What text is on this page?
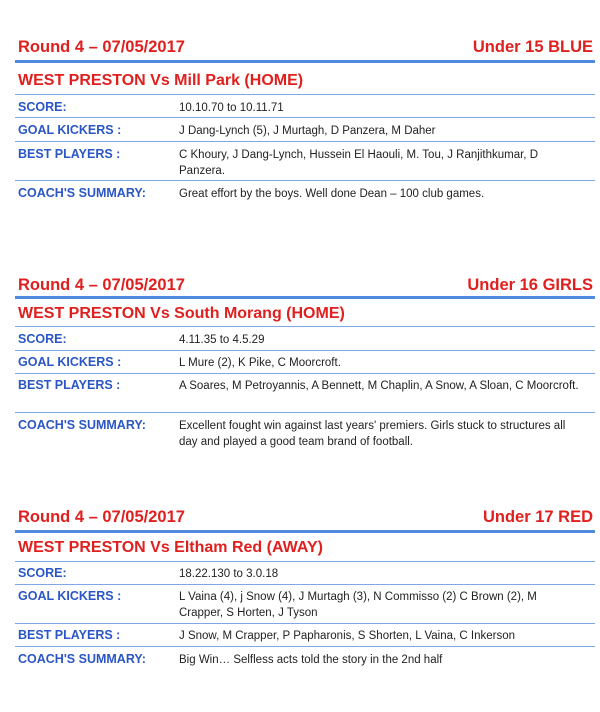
Round 4 – 07/05/2017	Under 15 BLUE
WEST PRESTON Vs Mill Park (HOME)
SCORE:	10.10.70 to 10.11.71
GOAL KICKERS :	J Dang-Lynch (5), J Murtagh, D Panzera, M Daher
BEST PLAYERS :	C Khoury, J Dang-Lynch, Hussein El Haouli, M. Tou, J Ranjithkumar, D Panzera.
COACH'S SUMMARY:	Great effort by the boys. Well done Dean – 100 club games.
Round 4 – 07/05/2017	Under 16 GIRLS
WEST PRESTON Vs South Morang (HOME)
SCORE:	4.11.35 to 4.5.29
GOAL KICKERS :	L Mure (2), K Pike, C Moorcroft.
BEST PLAYERS :	A Soares, M Petroyannis, A Bennett, M Chaplin, A Snow, A Sloan, C Moorcroft.
COACH'S SUMMARY:	Excellent fought win against last years' premiers. Girls stuck to structures all day and played a good team brand of football.
Round 4 – 07/05/2017	Under 17 RED
WEST PRESTON Vs Eltham Red (AWAY)
SCORE:	18.22.130 to 3.0.18
GOAL KICKERS :	L Vaina (4), j Snow (4), J Murtagh (3), N Commisso (2) C Brown (2), M Crapper, S Horten, J Tyson
BEST PLAYERS :	J Snow, M Crapper, P Papharonis, S Shorten, L Vaina, C Inkerson
COACH'S SUMMARY:	Big Win… Selfless acts told the story in the 2nd half
